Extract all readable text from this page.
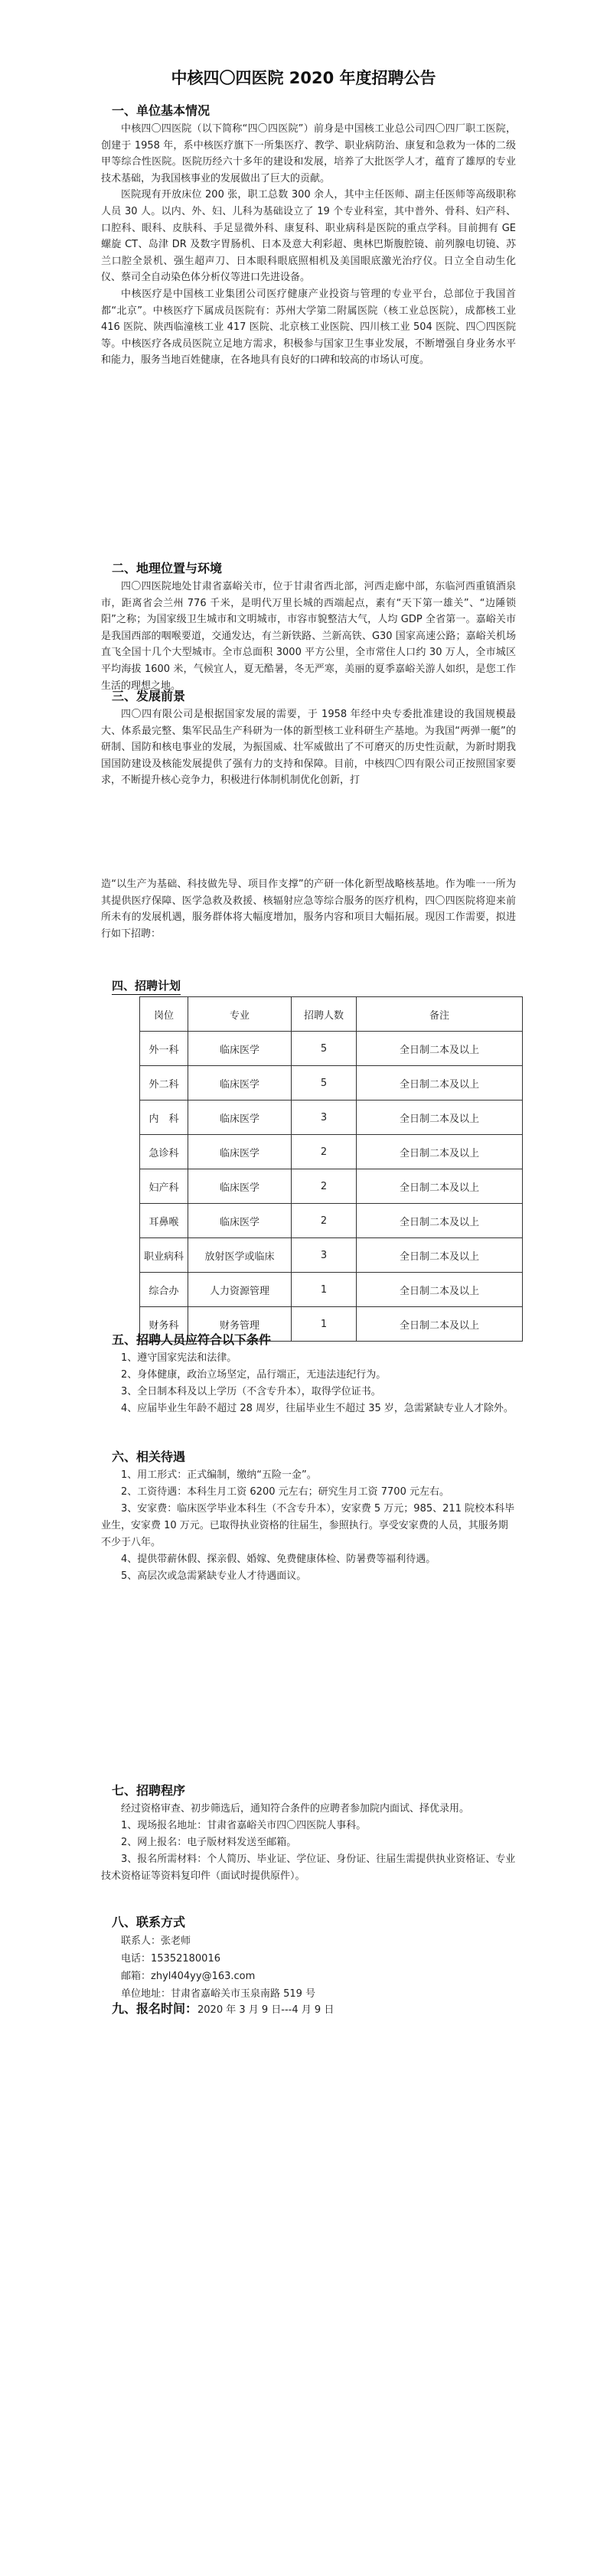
中核四〇四医院 2020 年度招聘公告
一、单位基本情况

中核四〇四医院（以下简称“四〇四医院”）前身是中国核工业总公司四〇四厂职工医院，创建于 1958 年，系中核医疗旗下一所集医疗、教学、职业病防治、康复和急救为一体的二级甲等综合性医院。医院历经六十多年的建设和发展，培养了大批医学人才，蕴育了雄厚的专业技术基础，为我国核事业的发展做出了巨大的贡献。

医院现有开放床位 200 张，职工总数 300 余人，其中主任医师、副主任医师等高级职称人员 30 人。以内、外、妇、儿科为基础设立了 19 个专业科室，其中普外、骨科、妇产科、口腔科、眼科、皮肤科、手足显微外科、康复科、职业病科是医院的重点学科。目前拥有 GE 螺旋 CT、岛津 DR 及数字胃肠机、日本及意大利彩超、奥林巴斯腹腔镜、前列腺电切镜、苏兰口腔全景机、强生超声刀、日本眼科眼底照相机及美国眼底激光治疗仪。日立全自动生化仪、蔡司全自动染色体分析仪等进口先进设备。

中核医疗是中国核工业集团公司医疗健康产业投资与管理的专业平台，总部位于我国首都“北京”。中核医疗下属成员医院有：苏州大学第二附属医院（核工业总医院），成都核工业 416 医院、陕西临潼核工业 417 医院、北京核工业医院、四川核工业 504 医院、四〇四医院等。中核医疗各成员医院立足地方需求，积极参与国家卫生事业发展，不断增强自身业务水平和能力，服务当地百姓健康，在各地具有良好的口碑和较高的市场认可度。

二、地理位置与环境

四〇四医院地处甘肃省嘉峪关市，位于甘肃省西北部，河西走廊中部，东临河西重镇酒泉市，距离省会兰州 776 千米，是明代万里长城的西端起点，素有“天下第一雄关”、“边陲锁阳”之称；为国家级卫生城市和文明城市，市容市貌整洁大气，人均 GDP 全省第一。嘉峪关市是我国西部的咽喉要道，交通发达，有兰新铁路、兰新高铁、G30 国家高速公路；嘉峪关机场直飞全国十几个大型城市。全市总面积 3000 平方公里，全市常住人口约 30 万人，全市城区平均海拔 1600 米，气候宜人，夏无酷暑，冬无严寒，美丽的夏季嘉峪关游人如织，是您工作生活的理想之地。

三、发展前景

四〇四有限公司是根据国家发展的需要，于 1958 年经中央专委批准建设的我国规模最大、体系最完整、集军民品生产科研为一体的新型核工业科研生产基地。为我国“两弹一艇”的研制、国防和核电事业的发展，为振国威、壮军威做出了不可磨灭的历史性贡献，为新时期我国国防建设及核能发展提供了强有力的支持和保障。目前，中核四〇四有限公司正按照国家要求，不断提升核心竞争力，积极进行体制机制优化创新，打

造“以生产为基础、科技做先导、项目作支撑”的产研一体化新型战略核基地。作为唯一一所为其提供医疗保障、医学急救及救援、核辐射应急等综合服务的医疗机构，四〇四医院将迎来前所未有的发展机遇，服务群体将大幅度增加，服务内容和项目大幅拓展。现因工作需要，拟进行如下招聘：

四、招聘计划
岗位	专业	招聘人数	备注
外一科	临床医学	5	全日制二本及以上
外二科	临床医学	5	全日制二本及以上
内　科	临床医学	3	全日制二本及以上
急诊科	临床医学	2	全日制二本及以上
妇产科	临床医学	2	全日制二本及以上
耳鼻喉	临床医学	2	全日制二本及以上
职业病科	放射医学或临床	3	全日制二本及以上
综合办	人力资源管理	1	全日制二本及以上
财务科	财务管理	1	全日制二本及以上
五、招聘人员应符合以下条件

1、遵守国家宪法和法律。

2、身体健康，政治立场坚定，品行端正，无违法违纪行为。

3、全日制本科及以上学历（不含专升本），取得学位证书。

4、应届毕业生年龄不超过 28 周岁，往届毕业生不超过 35 岁，急需紧缺专业人才除外。

六、相关待遇

1、用工形式：正式编制，缴纳“五险一金”。

2、工资待遇：本科生月工资 6200 元左右；研究生月工资 7700 元左右。

3、安家费：临床医学毕业本科生（不含专升本），安家费 5 万元；985、211 院校本科毕业生，安家费 10 万元。已取得执业资格的往届生，参照执行。享受安家费的人员，其服务期不少于八年。

4、提供带薪休假、探亲假、婚嫁、免费健康体检、防暑费等福利待遇。

5、高层次或急需紧缺专业人才待遇面议。

七、招聘程序

经过资格审查、初步筛选后，通知符合条件的应聘者参加院内面试、择优录用。

1、现场报名地址：甘肃省嘉峪关市四〇四医院人事科。

2、网上报名：电子版材料发送至邮箱。

3、报名所需材料：个人简历、毕业证、学位证、身份证、往届生需提供执业资格证、专业技术资格证等资料复印件（面试时提供原件）。

八、联系方式

联系人：张老师

电话：15352180016

邮箱：zhyl404yy@163.com

单位地址：甘肃省嘉峪关市玉泉南路 519 号

九、报名时间：2020 年 3 月 9 日---4 月 9 日
